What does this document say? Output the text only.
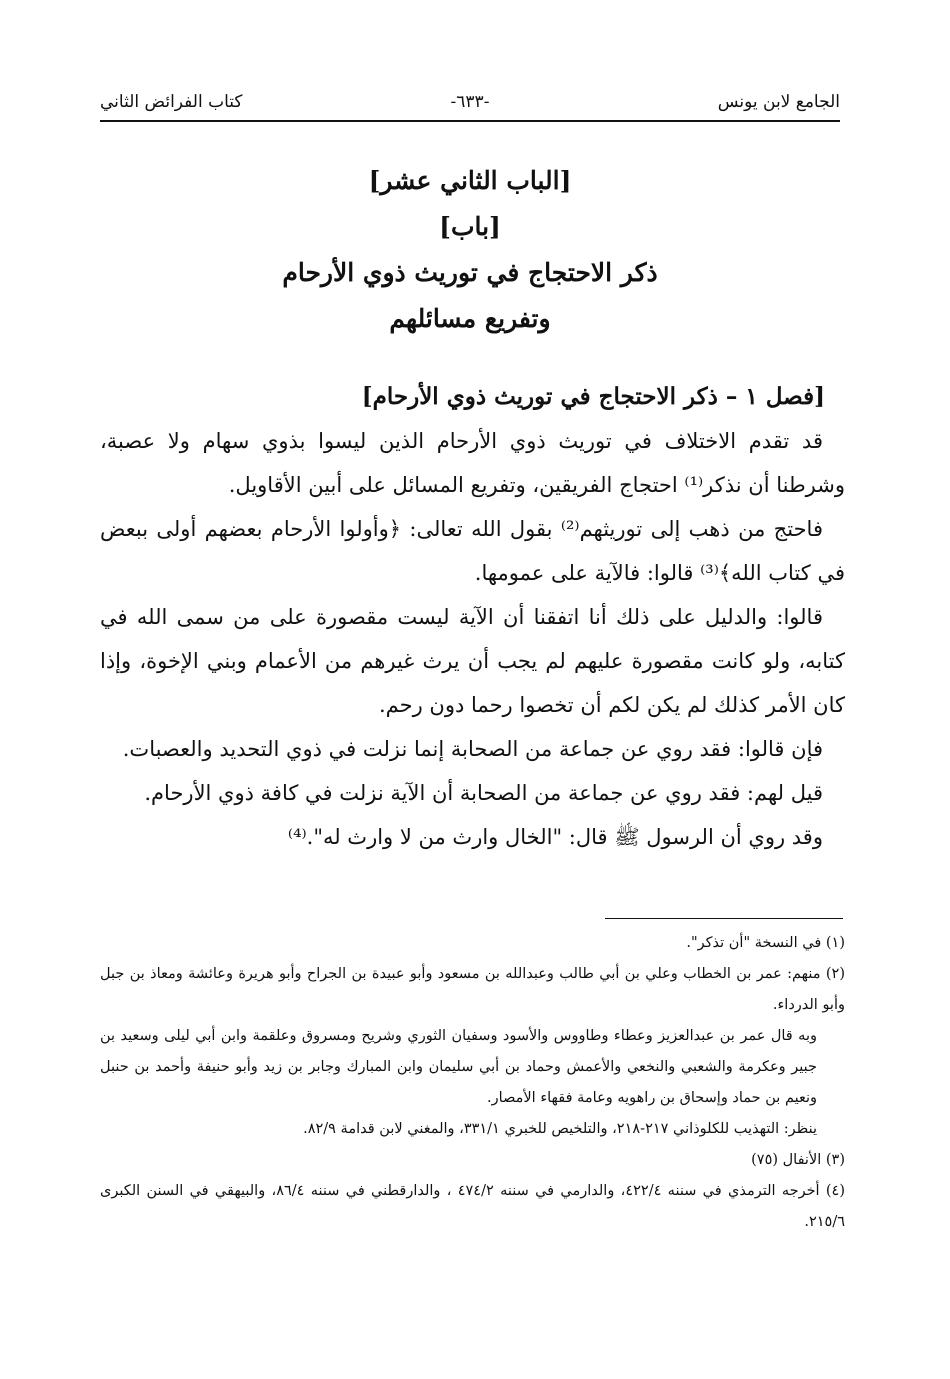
الجامع لابن يونس
-٦٣٣-
كتاب الفرائض الثاني
[الباب الثاني عشر]
[باب]
ذكر الاحتجاج في توريث ذوي الأرحام
وتفريع مسائلهم

[فصل ١ – ذكر الاحتجاج في توريث ذوي الأرحام]

قد تقدم الاختلاف في توريث ذوي الأرحام الذين ليسوا بذوي سهام ولا عصبة، وشرطنا أن نذكر⁽¹⁾ احتجاج الفريقين، وتفريع المسائل على أبين الأقاويل.

فاحتج من ذهب إلى توريثهم⁽²⁾ بقول الله تعالى: ﴿وأولوا الأرحام بعضهم أولى ببعض في كتاب الله﴾⁽³⁾ قالوا: فالآية على عمومها.

قالوا: والدليل على ذلك أنا اتفقنا أن الآية ليست مقصورة على من سمى الله في كتابه، ولو كانت مقصورة عليهم لم يجب أن يرث غيرهم من الأعمام وبني الإخوة، وإذا كان الأمر كذلك لم يكن لكم أن تخصوا رحما دون رحم.

فإن قالوا: فقد روي عن جماعة من الصحابة إنما نزلت في ذوي التحديد والعصبات.

قيل لهم: فقد روي عن جماعة من الصحابة أن الآية نزلت في كافة ذوي الأرحام.

وقد روي أن الرسول ﷺ قال: "الخال وارث من لا وارث له".⁽⁴⁾

(١) في النسخة "أن تذكر".

(٢) منهم: عمر بن الخطاب وعلي بن أبي طالب وعبدالله بن مسعود وأبو عبيدة بن الجراح وأبو هريرة وعائشة ومعاذ بن جبل وأبو الدرداء.

وبه قال عمر بن عبدالعزيز وعطاء وطاووس والأسود وسفيان الثوري وشريح ومسروق وعلقمة وابن أبي ليلى وسعيد بن جبير وعكرمة والشعبي والنخعي والأعمش وحماد بن أبي سليمان وابن المبارك وجابر بن زيد وأبو حنيفة وأحمد بن حنبل ونعيم بن حماد وإسحاق بن راهويه وعامة فقهاء الأمصار.

ينظر: التهذيب للكلوذاني ٢١٧-٢١٨، والتلخيص للخبري ٣٣١/١، والمغني لابن قدامة ٨٢/٩.

(٣) الأنفال (٧٥)

(٤) أخرجه الترمذي في سننه ٤٢٢/٤، والدارمي في سننه ٤٧٤/٢ ، والدارقطني في سننه ٨٦/٤، والبيهقي في السنن الكبرى ٢١٥/٦.
